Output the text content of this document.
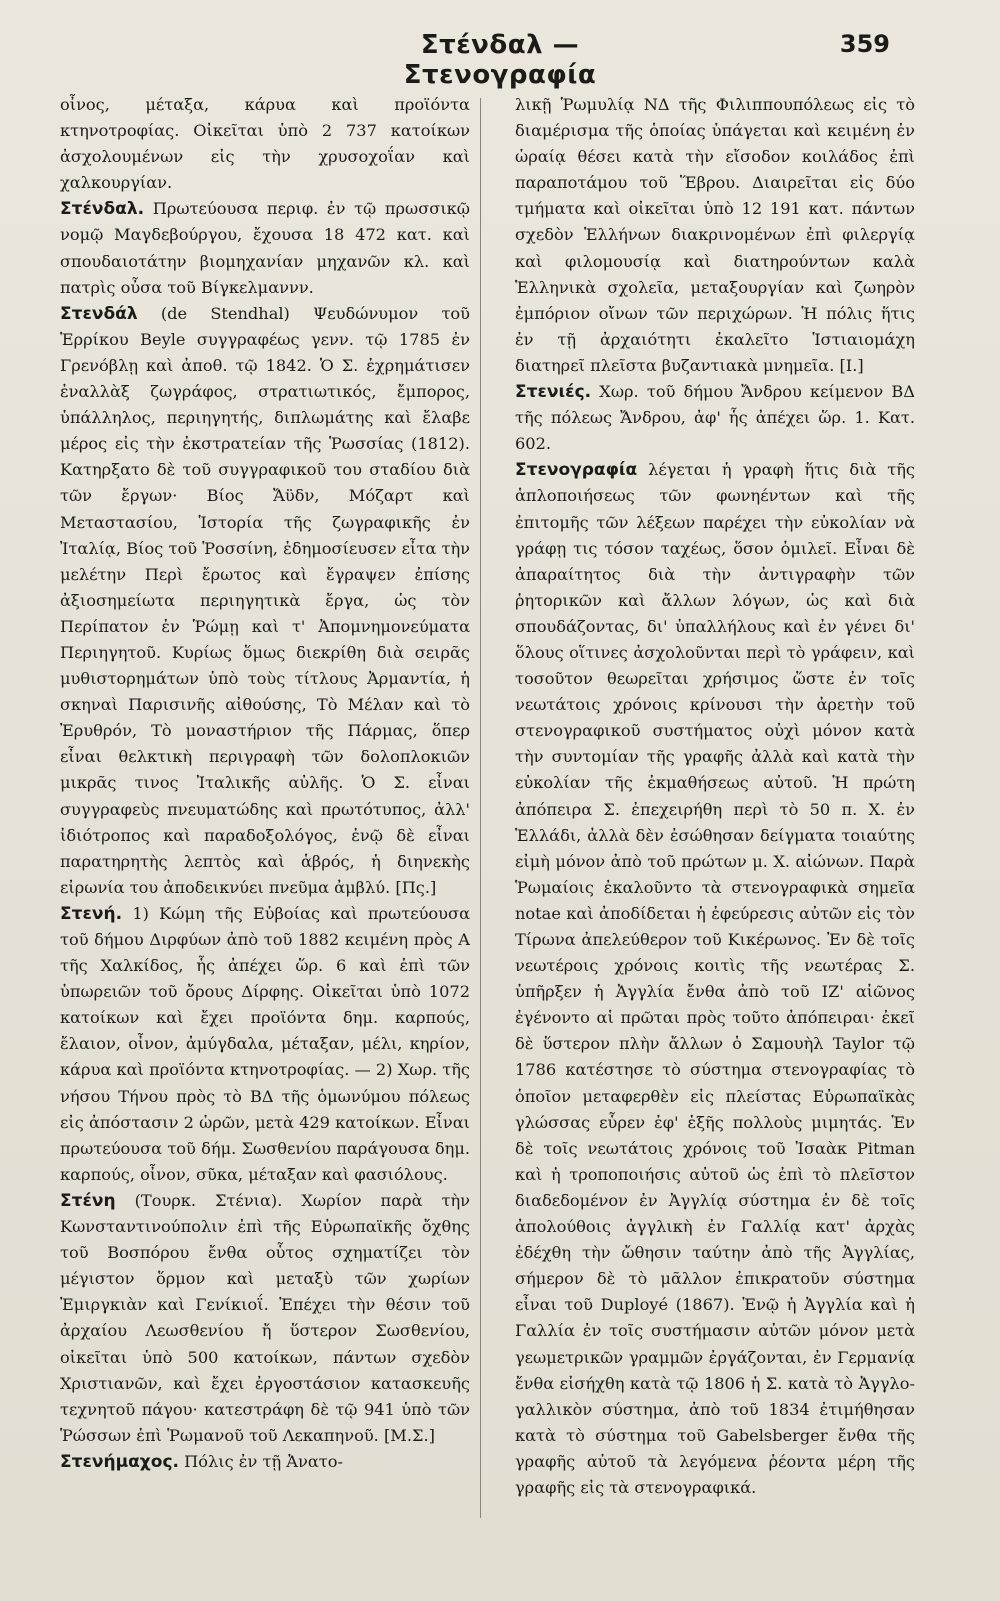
Στένδαλ — Στενογραφία
359

οἶνος, μέταξα, κάρυα καὶ προϊόντα κτηνοτροφίας. Οἰκεῖται ὑπὸ 2 737 κατοίκων ἀσχολουμένων εἰς τὴν χρυσοχοΐαν καὶ χαλκουργίαν.

Στένδαλ. Πρωτεύουσα περιφ. ἐν τῷ πρωσσικῷ νομῷ Μαγδεβούργου, ἔχουσα 18 472 κατ. καὶ σπουδαιοτάτην βιομηχανίαν μηχανῶν κλ. καὶ πατρὶς οὖσα τοῦ Βίγκελμαννν.

Στενδάλ (de Stendhal) Ψευδώνυμον τοῦ Ἑρρίκου Beyle συγγραφέως γενν. τῷ 1785 ἐν Γρενόβλῃ καὶ ἀποθ. τῷ 1842. Ὁ Σ. ἐχρημάτισεν ἐναλλὰξ ζωγράφος, στρατιωτικός, ἔμπορος, ὑπάλληλος, περιηγητής, διπλωμάτης καὶ ἔλαβε μέρος εἰς τὴν ἐκστρατείαν τῆς Ῥωσσίας (1812). Κατηρξατο δὲ τοῦ συγγραφικοῦ του σταδίου διὰ τῶν ἔργων· Βίος Ἄϋδν, Μόζαρτ καὶ Μεταστασίου, Ἱστορία τῆς ζωγραφικῆς ἐν Ἰταλίᾳ, Βίος τοῦ Ῥοσσίνη, ἐδημοσίευσεν εἶτα τὴν μελέτην Περὶ ἔρωτος καὶ ἔγραψεν ἐπίσης ἀξιοσημείωτα περιηγητικὰ ἔργα, ὡς τὸν Περίπατον ἐν Ῥώμῃ καὶ τ' Ἀπομνημονεύματα Περιηγητοῦ. Κυρίως ὅμως διεκρίθη διὰ σειρᾶς μυθιστορημάτων ὑπὸ τοὺς τίτλους Ἀρμαντία, ἡ σκηναὶ Παρισινῆς αἰθούσης, Τὸ Μέλαν καὶ τὸ Ἐρυθρόν, Τὸ μοναστήριον τῆς Πάρμας, ὅπερ εἶναι θελκτικὴ περιγραφὴ τῶν δολοπλοκιῶν μικρᾶς τινος Ἰταλικῆς αὐλῆς. Ὁ Σ. εἶναι συγγραφεὺς πνευματώδης καὶ πρωτότυπος, ἀλλ' ἰδιότροπος καὶ παραδοξολόγος, ἐνῷ δὲ εἶναι παρατηρητὴς λεπτὸς καὶ ἁβρός, ἡ διηνεκὴς εἰρωνία του ἀποδεικνύει πνεῦμα ἀμβλύ. [Πς.]

Στενή. 1) Κώμη τῆς Εὐβοίας καὶ πρωτεύουσα τοῦ δήμου Διρφύων ἀπὸ τοῦ 1882 κειμένη πρὸς Α τῆς Χαλκίδος, ἧς ἀπέχει ὥρ. 6 καὶ ἐπὶ τῶν ὑπωρειῶν τοῦ ὄρους Δίρφης. Οἰκεῖται ὑπὸ 1072 κατοίκων καὶ ἔχει προϊόντα δημ. καρπούς, ἔλαιον, οἶνον, ἀμύγδαλα, μέταξαν, μέλι, κηρίον, κάρυα καὶ προϊόντα κτηνοτροφίας. — 2) Χωρ. τῆς νήσου Τήνου πρὸς τὸ ΒΔ τῆς ὁμωνύμου πόλεως εἰς ἀπόστασιν 2 ὡρῶν, μετὰ 429 κατοίκων. Εἶναι πρωτεύουσα τοῦ δήμ. Σωσθενίου παράγουσα δημ. καρπούς, οἶνον, σῦκα, μέταξαν καὶ φασιόλους.

Στένη (Τουρκ. Στένια). Χωρίον παρὰ τὴν Κωνσταντινούπολιν ἐπὶ τῆς Εὐρωπαϊκῆς ὄχθης τοῦ Βοσπόρου ἔνθα οὗτος σχηματίζει τὸν μέγιστον ὅρμον καὶ μεταξὺ τῶν χωρίων Ἐμιργκιὰν καὶ Γενίκιοΐ. Ἐπέχει τὴν θέσιν τοῦ ἀρχαίου Λεωσθενίου ἤ ὕστερον Σωσθενίου, οἰκεῖται ὑπὸ 500 κατοίκων, πάντων σχεδὸν Χριστιανῶν, καὶ ἔχει ἐργοστάσιον κατασκευῆς τεχνητοῦ πάγου· κατεστράφη δὲ τῷ 941 ὑπὸ τῶν Ῥώσσων ἐπὶ Ῥωμανοῦ τοῦ Λεκαπηνοῦ. [Μ.Σ.]

Στενήμαχος. Πόλις ἐν τῇ Ἀνατο-

λικῇ Ῥωμυλίᾳ ΝΔ τῆς Φιλιππουπόλεως εἰς τὸ διαμέρισμα τῆς ὁποίας ὑπάγεται καὶ κειμένη ἐν ὡραίᾳ θέσει κατὰ τὴν εἴσοδον κοιλάδος ἐπὶ παραποτάμου τοῦ Ἕβρου. Διαιρεῖται εἰς δύο τμήματα καὶ οἰκεῖται ὑπὸ 12 191 κατ. πάντων σχεδὸν Ἑλλήνων διακρινομένων ἐπὶ φιλεργίᾳ καὶ φιλομουσίᾳ καὶ διατηρούντων καλὰ Ἑλληνικὰ σχολεῖα, μεταξουργίαν καὶ ζωηρὸν ἐμπόριον οἴνων τῶν περιχώρων. Ἡ πόλις ἥτις ἐν τῇ ἀρχαιότητι ἐκαλεῖτο Ἱστιαιομάχη διατηρεῖ πλεῖστα βυζαντιακὰ μνημεῖα. [Ι.]

Στενιές. Χωρ. τοῦ δήμου Ἄνδρου κείμενον ΒΔ τῆς πόλεως Ἄνδρου, ἀφ' ἧς ἀπέχει ὥρ. 1. Κατ. 602.

Στενογραφία λέγεται ἡ γραφὴ ἥτις διὰ τῆς ἁπλοποιήσεως τῶν φωνηέντων καὶ τῆς ἐπιτομῆς τῶν λέξεων παρέχει τὴν εὐκολίαν νὰ γράφῃ τις τόσον ταχέως, ὅσον ὁμιλεῖ. Εἶναι δὲ ἀπαραίτητος διὰ τὴν ἀντιγραφὴν τῶν ῥητορικῶν καὶ ἄλλων λόγων, ὡς καὶ διὰ σπουδάζοντας, δι' ὑπαλλήλους καὶ ἐν γένει δι' ὅλους οἵτινες ἀσχολοῦνται περὶ τὸ γράφειν, καὶ τοσοῦτον θεωρεῖται χρήσιμος ὥστε ἐν τοῖς νεωτάτοις χρόνοις κρίνουσι τὴν ἀρετὴν τοῦ στενογραφικοῦ συστήματος οὐχὶ μόνον κατὰ τὴν συντομίαν τῆς γραφῆς ἀλλὰ καὶ κατὰ τὴν εὐκολίαν τῆς ἐκμαθήσεως αὐτοῦ. Ἡ πρώτη ἀπόπειρα Σ. ἐπεχειρήθη περὶ τὸ 50 π. Χ. ἐν Ἑλλάδι, ἀλλὰ δὲν ἐσώθησαν δείγματα τοιαύτης εἰμὴ μόνον ἀπὸ τοῦ πρώτων μ. Χ. αἰώνων. Παρὰ Ῥωμαίοις ἐκαλοῦντο τὰ στενογραφικὰ σημεῖα notae καὶ ἀποδίδεται ἡ ἐφεύρεσις αὐτῶν εἰς τὸν Τίρωνα ἀπελεύθερον τοῦ Κικέρωνος. Ἐν δὲ τοῖς νεωτέροις χρόνοις κοιτὶς τῆς νεωτέρας Σ. ὑπῆρξεν ἡ Ἀγγλία ἔνθα ἀπὸ τοῦ ΙΖ' αἰῶνος ἐγένοντο αἱ πρῶται πρὸς τοῦτο ἀπόπειραι· ἐκεῖ δὲ ὕστερον πλὴν ἄλλων ὁ Σαμουὴλ Taylor τῷ 1786 κατέστησε τὸ σύστημα στενογραφίας τὸ ὁποῖον μεταφερθὲν εἰς πλείστας Εὐρωπαϊκὰς γλώσσας εὗρεν ἐφ' ἑξῆς πολλοὺς μιμητάς. Ἐν δὲ τοῖς νεωτάτοις χρόνοις τοῦ Ἰσαὰκ Pitman καὶ ἡ τροποποιήσις αὐτοῦ ὡς ἐπὶ τὸ πλεῖστον διαδεδομένον ἐν Ἀγγλίᾳ σύστημα ἐν δὲ τοῖς ἀπολούθοις ἀγγλικὴ ἐν Γαλλίᾳ κατ' ἀρχὰς ἐδέχθη τὴν ὤθησιν ταύτην ἀπὸ τῆς Ἀγγλίας, σήμερον δὲ τὸ μᾶλλον ἐπικρατοῦν σύστημα εἶναι τοῦ Duployé (1867). Ἐνῷ ἡ Ἀγγλία καὶ ἡ Γαλλία ἐν τοῖς συστήμασιν αὐτῶν μόνον μετὰ γεωμετρικῶν γραμμῶν ἐργάζονται, ἐν Γερμανίᾳ ἔνθα εἰσήχθη κατὰ τῷ 1806 ἡ Σ. κατὰ τὸ Ἀγγλο-γαλλικὸν σύστημα, ἀπὸ τοῦ 1834 ἐτιμήθησαν κατὰ τὸ σύστημα τοῦ Gabelsberger ἔνθα τῆς γραφῆς αὐτοῦ τὰ λεγόμενα ῥέοντα μέρη τῆς γραφῆς εἰς τὰ στενογραφικά.
